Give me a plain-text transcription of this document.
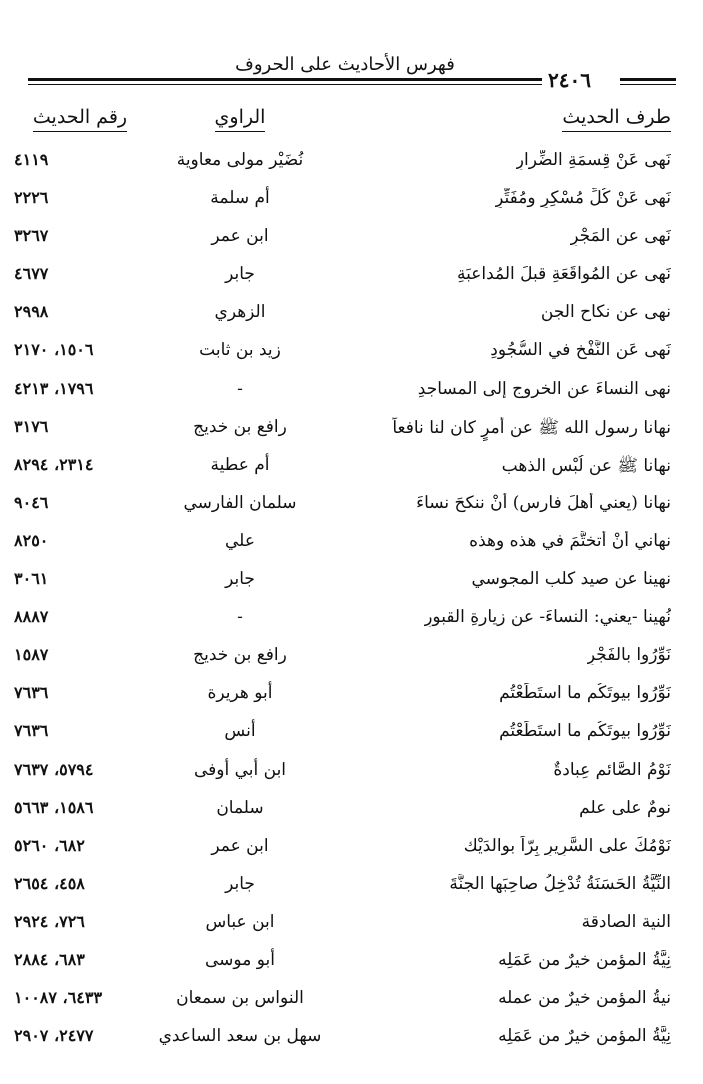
فهرس الأحاديث على الحروف
٢٤٠٦
طرف الحديث
الراوي
رقم الحديث
نَهى عَنْ قِسمَةِ الضِّرارِ
نُضَيْر مولى معاوية
٤١١٩
نَهى عَنْ كُلِّ مُسْكِرٍ ومُفَتِّرٍ
أم سلمة
٢٢٢٦
نَهى عن المَجْرِ
ابن عمر
٣٢٦٧
نَهى عن المُواقَعَةِ قبلَ المُداعبَةِ
جابر
٤٦٧٧
نهى عن نكاح الجن
الزهري
٢٩٩٨
نَهى عَنِ النَّفْخِ في السُّجُودِ
زيد بن ثابت
١٥٠٦، ٢١٧٠
نهى النساءَ عن الخروج إلى المساجدِ
-
١٧٩٦، ٤٢١٣
نهانا رسول الله ﷺ عن أمرٍ كان لنا نافعاً
رافع بن خديج
٣١٧٦
نهانا ﷺ عن لُبْس الذهب
أم عطية
٢٣١٤، ٨٢٩٤
نهانا (يعني أهلَ فارس) أَنْ ننكحَ نساءَ
سلمان الفارسي
٩٠٤٦
نهاني أَنْ أتختَّمَ في هذه وهذه
علي
٨٢٥٠
نهينا عن صيد كلب المجوسي
جابر
٣٠٦١
نُهينا -يعني: النساءَ- عن زيارةِ القبورِ
-
٨٨٨٧
نَوِّرُوا بالفَجْرِ
رافع بن خديج
١٥٨٧
نَوِّرُوا بيوتَكُم ما استَطَعْتُم
أبو هريرة
٧٦٣٦
نَوِّرُوا بيوتَكُم ما استَطَعْتُم
أنس
٧٦٣٦
نَوْمُ الصَّائمِ عِبادةٌ
ابن أبي أوفى
٥٧٩٤، ٧٦٣٧
نومٌ على علمٍ
سلمان
١٥٨٦، ٥٦٦٣
نَوْمُكَ على السَّرِيرِ بِرّاً بوالدَيْك
ابن عمر
٦٨٢، ٥٢٦٠
النِّيَّةُ الحَسَنَةُ تُدْخِلُ صاحِبَها الجنَّةَ
جابر
٤٥٨، ٢٦٥٤
النية الصادقة
ابن عباس
٧٢٦، ٢٩٢٤
نِيَّةُ المؤمنِ خيرٌ من عَمَلِه
أبو موسى
٦٨٣، ٢٨٨٤
نيةُ المؤمنِ خيرٌ من عمله
النواس بن سمعان
٦٤٣٣، ١٠٠٨٧
نِيَّةُ المؤمنِ خيرٌ من عَمَلِه
سهل بن سعد الساعدي
٢٤٧٧، ٢٩٠٧
